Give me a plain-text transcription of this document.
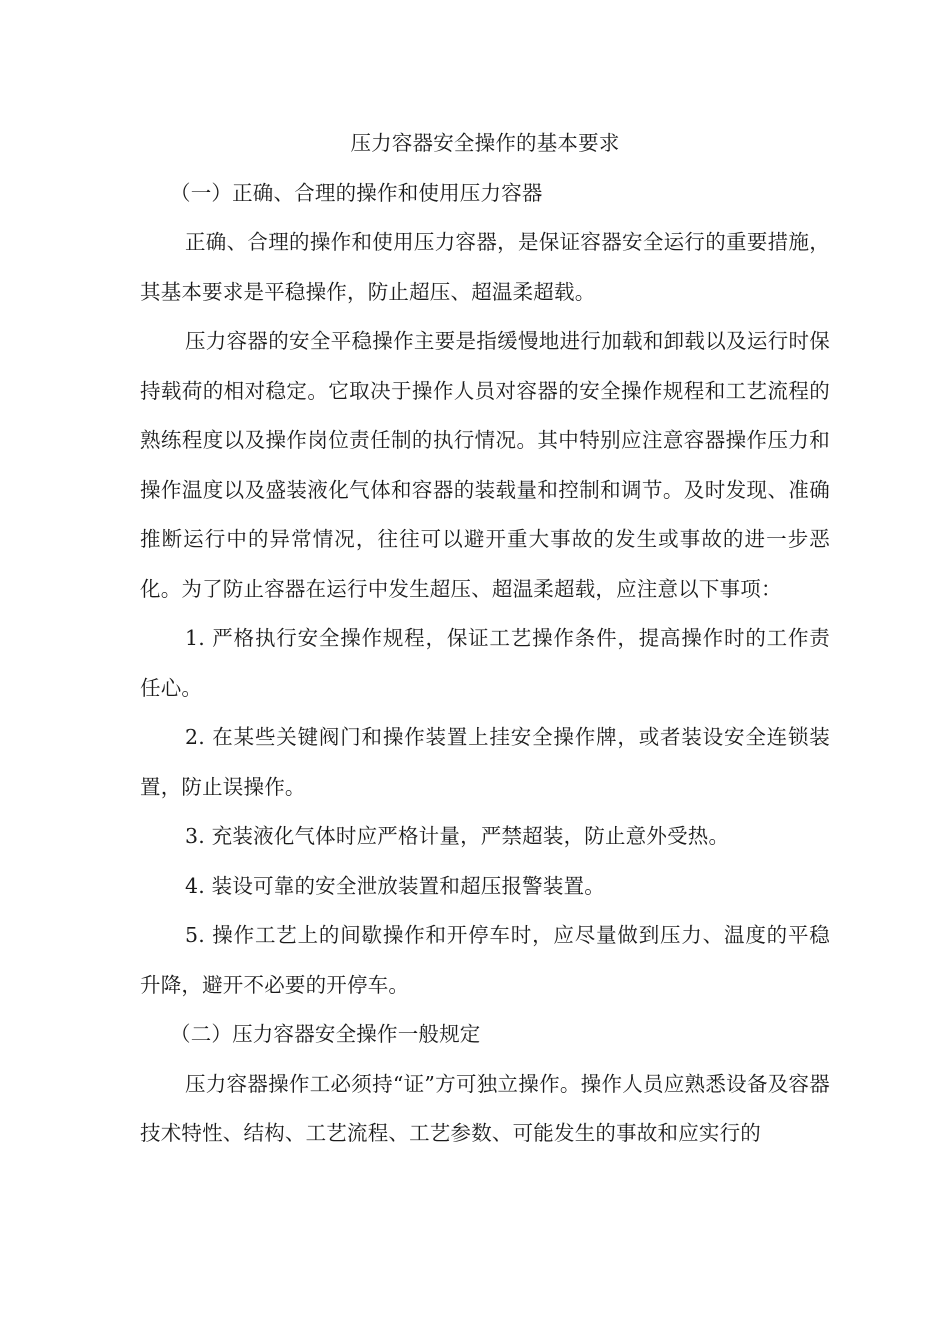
压力容器安全操作的基本要求

（一）正确、合理的操作和使用压力容器

正确、合理的操作和使用压力容器，是保证容器安全运行的重要措施，其基本要求是平稳操作，防止超压、超温柔超载。

压力容器的安全平稳操作主要是指缓慢地进行加载和卸载以及运行时保持载荷的相对稳定。它取决于操作人员对容器的安全操作规程和工艺流程的熟练程度以及操作岗位责任制的执行情况。其中特别应注意容器操作压力和操作温度以及盛装液化气体和容器的装载量和控制和调节。及时发现、准确推断运行中的异常情况，往往可以避开重大事故的发生或事故的进一步恶化。为了防止容器在运行中发生超压、超温柔超载，应注意以下事项：

1. 严格执行安全操作规程，保证工艺操作条件，提高操作时的工作责任心。

2. 在某些关键阀门和操作装置上挂安全操作牌，或者装设安全连锁装置，防止误操作。

3. 充装液化气体时应严格计量，严禁超装，防止意外受热。

4. 装设可靠的安全泄放装置和超压报警装置。

5. 操作工艺上的间歇操作和开停车时，应尽量做到压力、温度的平稳升降，避开不必要的开停车。

（二）压力容器安全操作一般规定

压力容器操作工必须持“证”方可独立操作。操作人员应熟悉设备及容器技术特性、结构、工艺流程、工艺参数、可能发生的事故和应实行的
